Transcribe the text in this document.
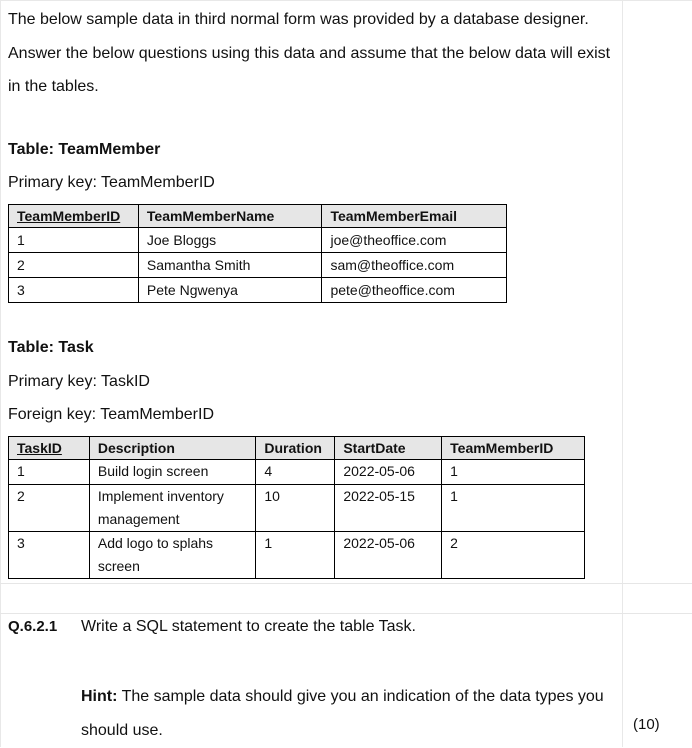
The below sample data in third normal form was provided by a database designer. Answer the below questions using this data and assume that the below data will exist in the tables.
Table: TeamMember
Primary key: TeamMemberID
TeamMemberID	TeamMemberName	TeamMemberEmail
1	Joe Bloggs	joe@theoffice.com
2	Samantha Smith	sam@theoffice.com
3	Pete Ngwenya	pete@theoffice.com
Table: Task
Primary key: TaskID
Foreign key: TeamMemberID
TaskID	Description	Duration	StartDate	TeamMemberID
1	Build login screen	4	2022-05-06	1
2	Implement inventory management	10	2022-05-15	1
3	Add logo to splahs screen	1	2022-05-06	2
Q.6.2.1 Write a SQL statement to create the table Task.
Hint: The sample data should give you an indication of the data types you should use.	(10)
